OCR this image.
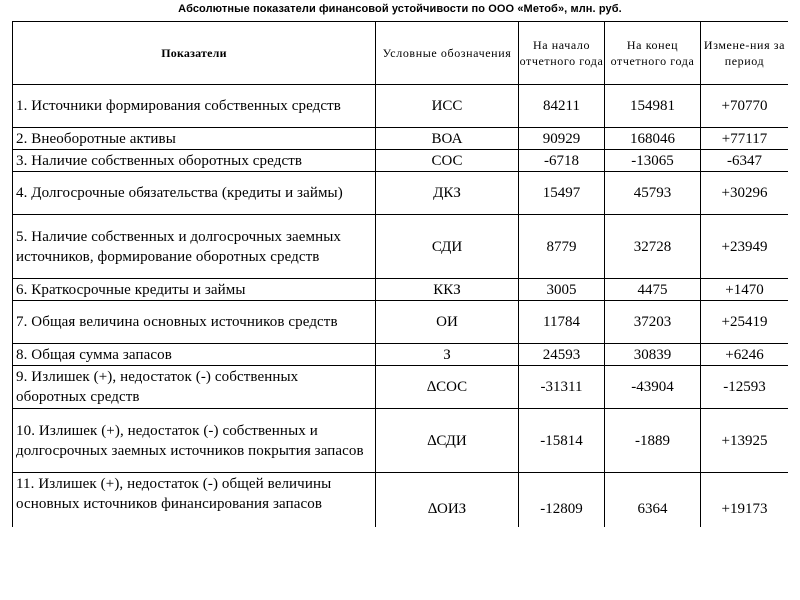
Абсолютные показатели финансовой устойчивости по ООО «Метоб», млн. руб.
Показатели	Условные обозначения	На начало отчетного года	На конец отчетного года	Измене-ния за период
1. Источники формирования собственных средств	ИСС	84211	154981	+70770
2. Внеоборотные активы	ВОА	90929	168046	+77117
3. Наличие собственных оборотных средств	СОС	-6718	-13065	-6347
4. Долгосрочные обязательства (кредиты и займы)	ДКЗ	15497	45793	+30296
5. Наличие собственных и долгосрочных заемных источников, формирование оборотных средств	СДИ	8779	32728	+23949
6. Краткосрочные кредиты и займы	ККЗ	3005	4475	+1470
7. Общая величина основных источников средств	ОИ	11784	37203	+25419
8. Общая сумма запасов	З	24593	30839	+6246
9. Излишек (+), недостаток (-) собственных оборотных средств	∆СОС	-31311	-43904	-12593
10. Излишек (+), недостаток (-) собственных и долгосрочных заемных источников покрытия запасов	∆СДИ	-15814	-1889	+13925
11. Излишек (+), недостаток (-) общей величины основных источников финансирования запасов	∆ОИЗ	-12809	6364	+19173
